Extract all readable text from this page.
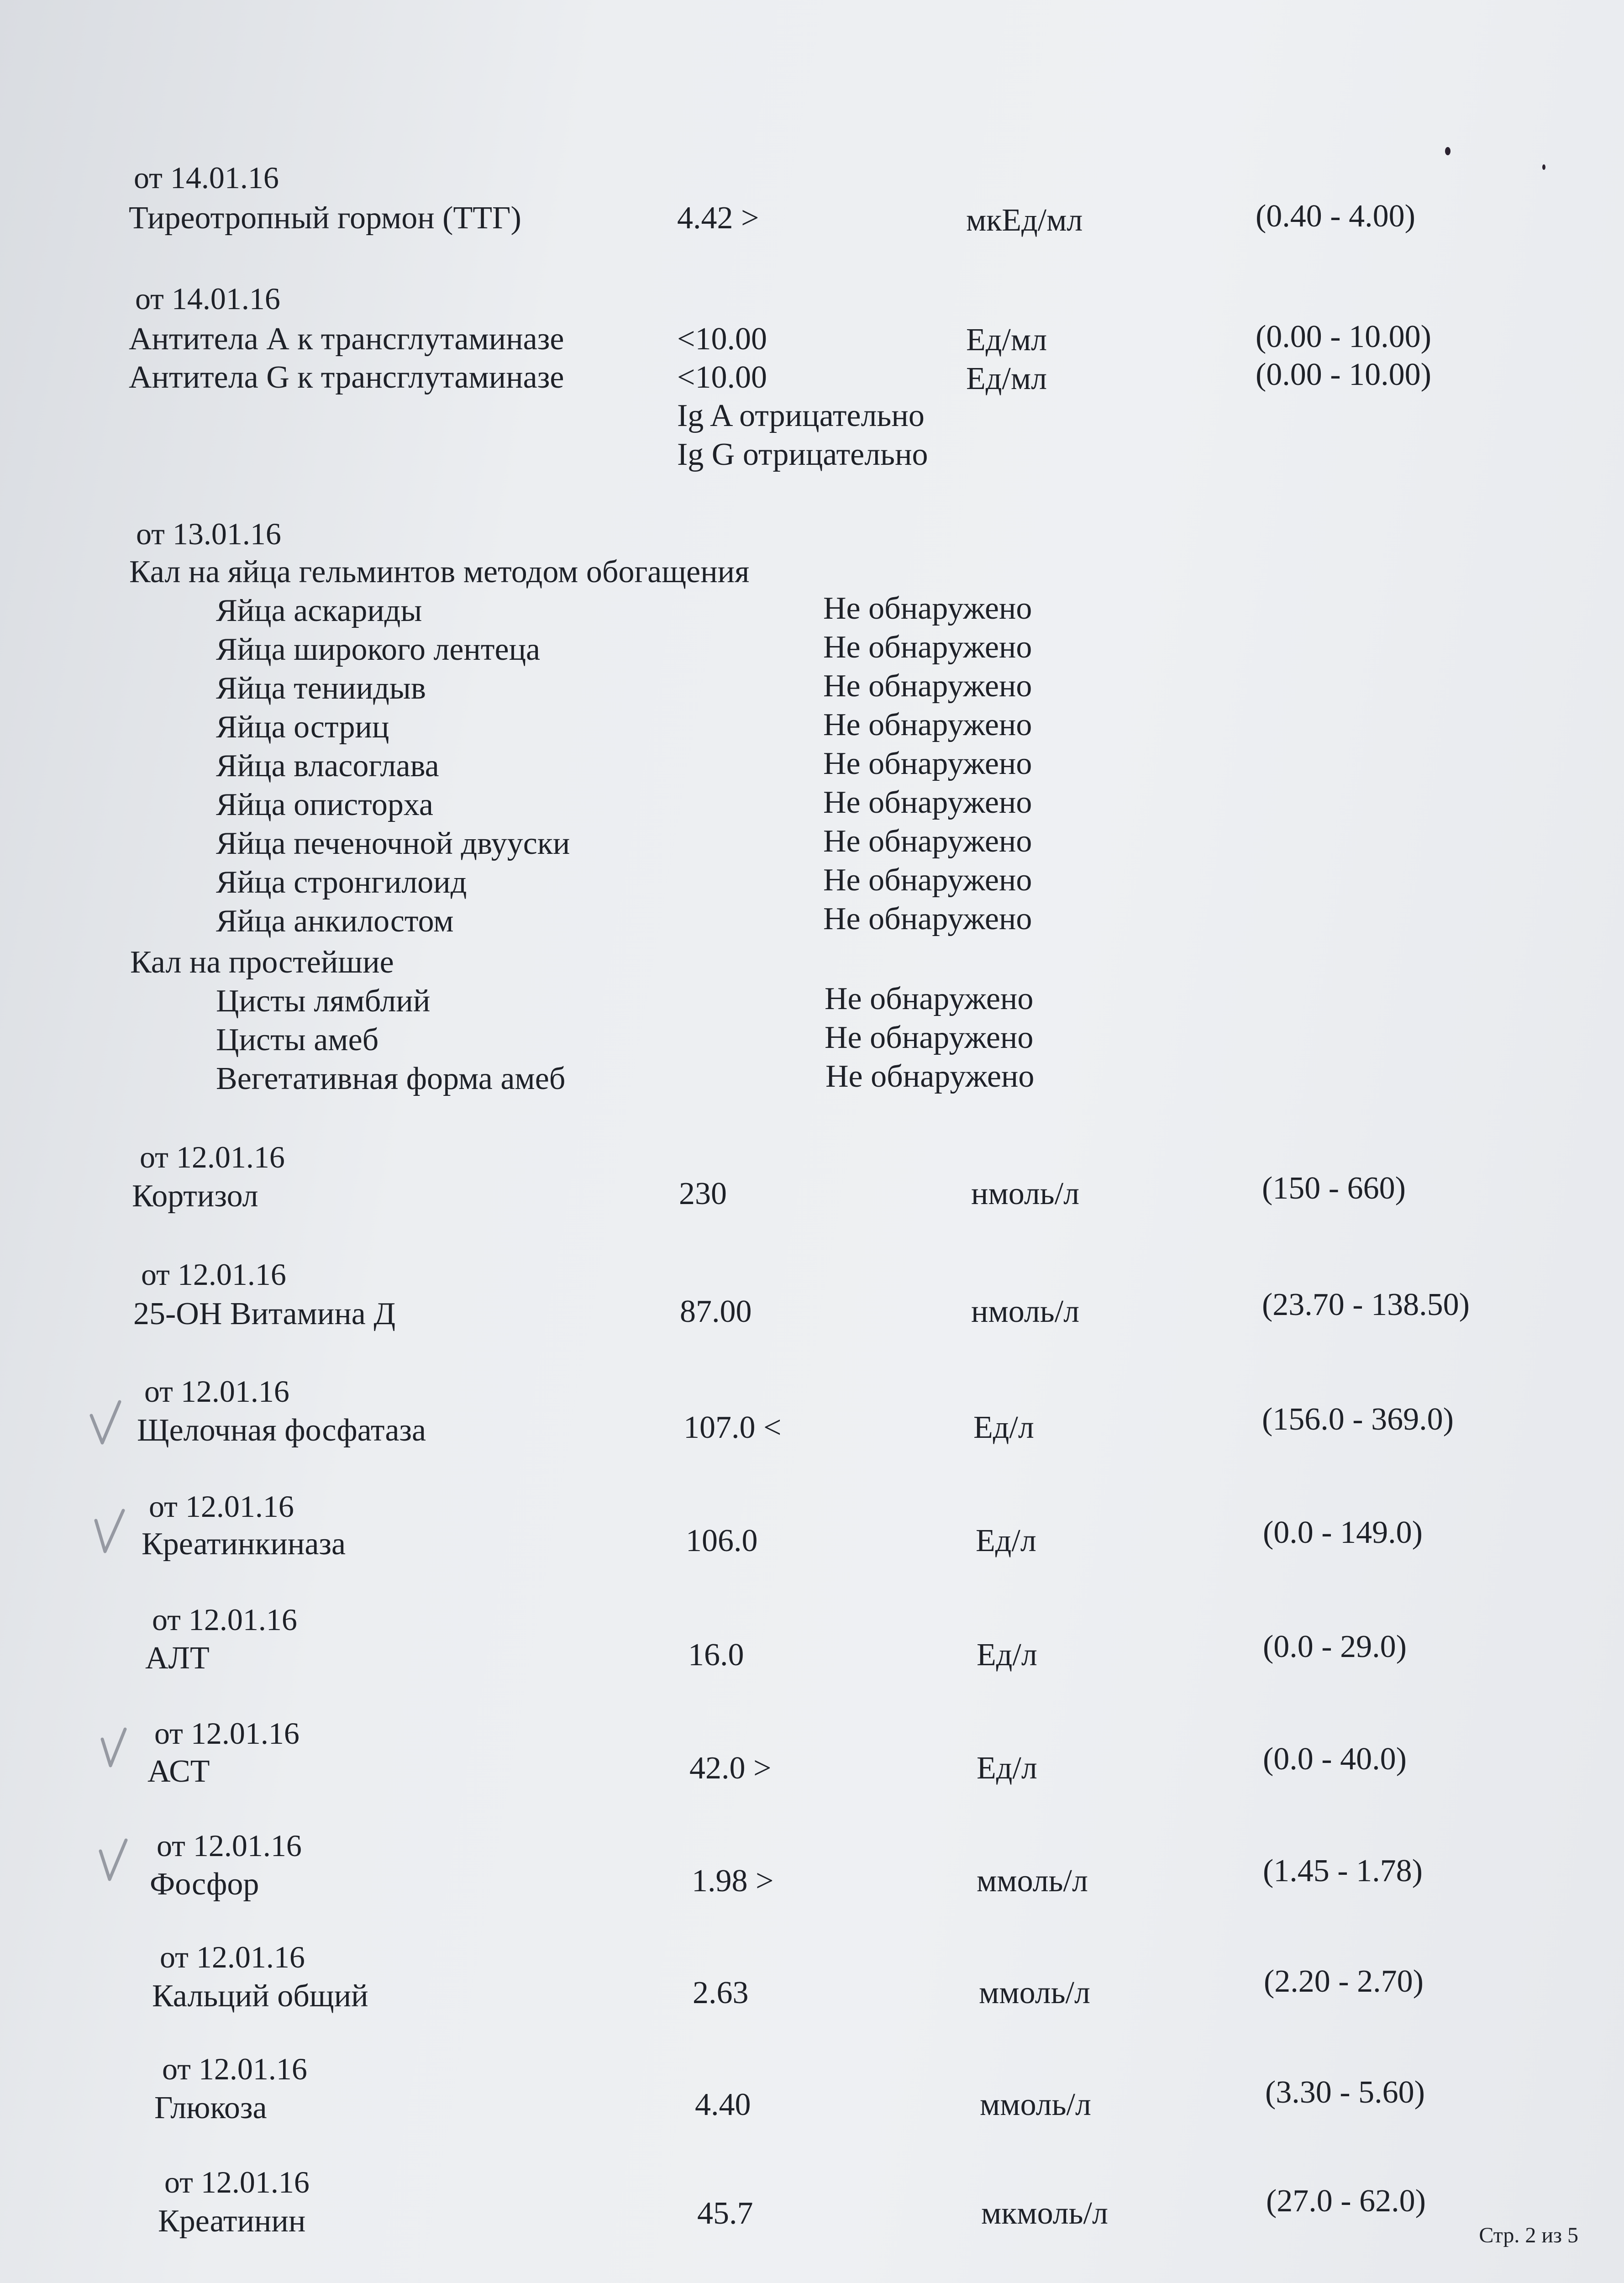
от 14.01.16
Тиреотропный гормон (ТТГ)	4.42 >	мкЕд/мл	(0.40 - 4.00)
от 14.01.16
Антитела А к трансглутаминазе	<10.00	Ед/мл	(0.00 - 10.00)
Антитела G к трансглутаминазе	<10.00	Ед/мл	(0.00 - 10.00)
Ig A отрицательно
Ig G отрицательно
от 13.01.16
Кал на яйца гельминтов методом обогащения
Яйца аскариды	Не обнаружено
Яйца широкого лентеца	Не обнаружено
Яйца тениидыв	Не обнаружено
Яйца остриц	Не обнаружено
Яйца власоглава	Не обнаружено
Яйца описторха	Не обнаружено
Яйца печеночной двууски	Не обнаружено
Яйца стронгилоид	Не обнаружено
Яйца анкилостом	Не обнаружено
Кал на простейшие
Цисты лямблий	Не обнаружено
Цисты амеб	Не обнаружено
Вегетативная форма амеб	Не обнаружено
от 12.01.16
Кортизол	230	нмоль/л	(150 - 660)
от 12.01.16
25-ОН Витамина Д	87.00	нмоль/л	(23.70 - 138.50)
от 12.01.16
Щелочная фосфатаза	107.0 <	Ед/л	(156.0 - 369.0)
от 12.01.16
Креатинкиназа	106.0	Ед/л	(0.0 - 149.0)
от 12.01.16
АЛТ	16.0	Ед/л	(0.0 - 29.0)
от 12.01.16
АСТ	42.0 >	Ед/л	(0.0 - 40.0)
от 12.01.16
Фосфор	1.98 >	ммоль/л	(1.45 - 1.78)
от 12.01.16
Кальций общий	2.63	ммоль/л	(2.20 - 2.70)
от 12.01.16
Глюкоза	4.40	ммоль/л	(3.30 - 5.60)
от 12.01.16
Креатинин	45.7	мкмоль/л	(27.0 - 62.0)
Стр. 2 из 5
